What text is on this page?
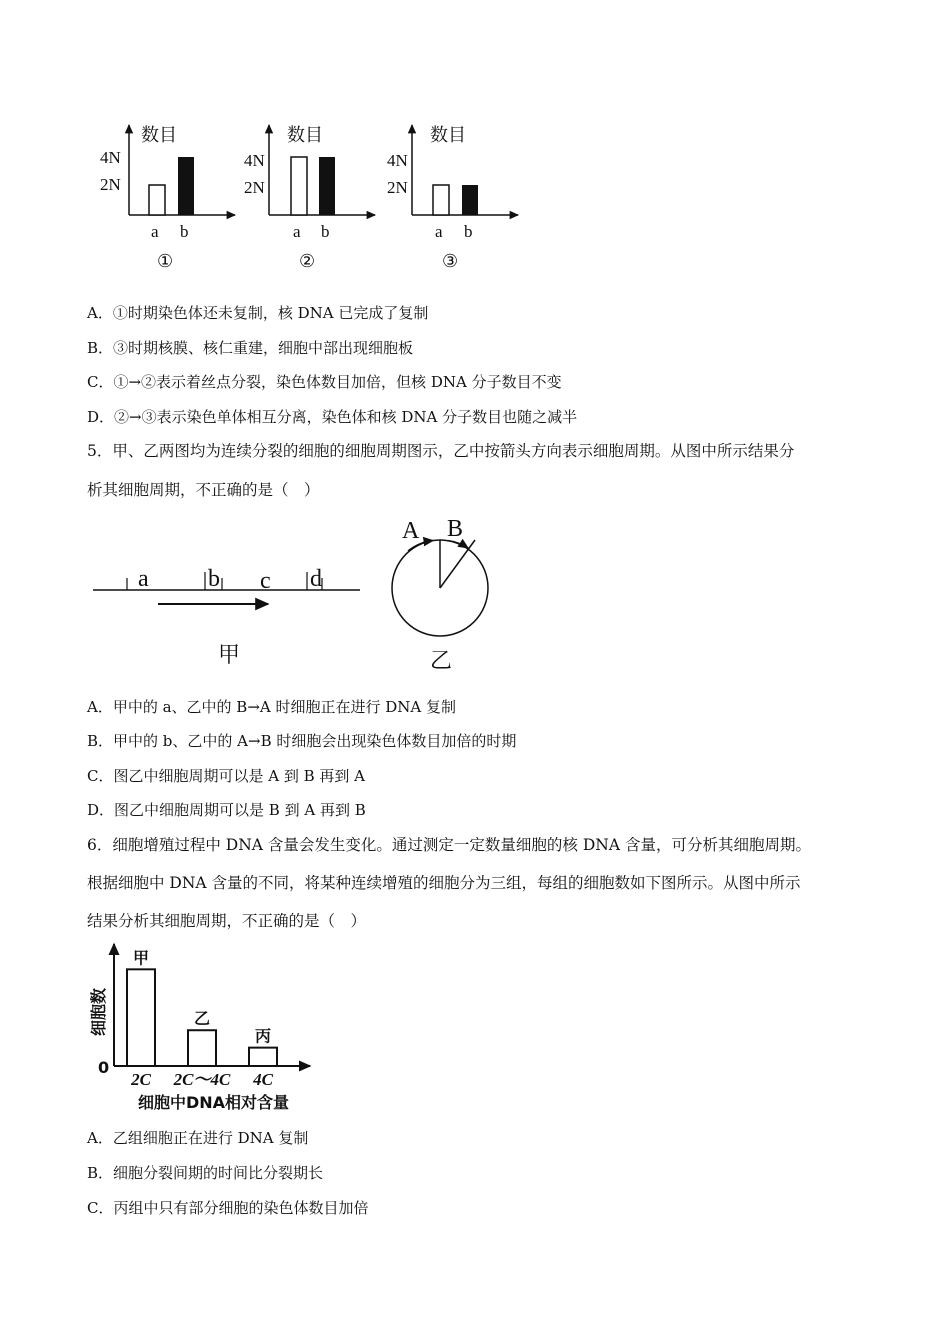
数目
4N
2N
a b
①
数目
4N
2N
a b
②
数目
4N
2N
a b
③
A．①时期染色体还未复制，核 DNA 已完成了复制
B．③时期核膜、核仁重建，细胞中部出现细胞板
C．①→②表示着丝点分裂，染色体数目加倍，但核 DNA 分子数目不变
D．②→③表示染色单体相互分离，染色体和核 DNA 分子数目也随之减半
5．甲、乙两图均为连续分裂的细胞的细胞周期图示，乙中按箭头方向表示细胞周期。从图中所示结果分
析其细胞周期，不正确的是（　）
a b c d
甲
A B
乙
A．甲中的 a、乙中的 B→A 时细胞正在进行 DNA 复制
B．甲中的 b、乙中的 A→B 时细胞会出现染色体数目加倍的时期
C．图乙中细胞周期可以是 A 到 B 再到 A
D．图乙中细胞周期可以是 B 到 A 再到 B
6．细胞增殖过程中 DNA 含量会发生变化。通过测定一定数量细胞的核 DNA 含量，可分析其细胞周期。
根据细胞中 DNA 含量的不同，将某种连续增殖的细胞分为三组，每组的细胞数如下图所示。从图中所示
结果分析其细胞周期，不正确的是（　）
细胞数
0
甲
2C
乙
2C～4C
丙
4C
细胞中DNA相对含量
A．乙组细胞正在进行 DNA 复制
B．细胞分裂间期的时间比分裂期长
C．丙组中只有部分细胞的染色体数目加倍
